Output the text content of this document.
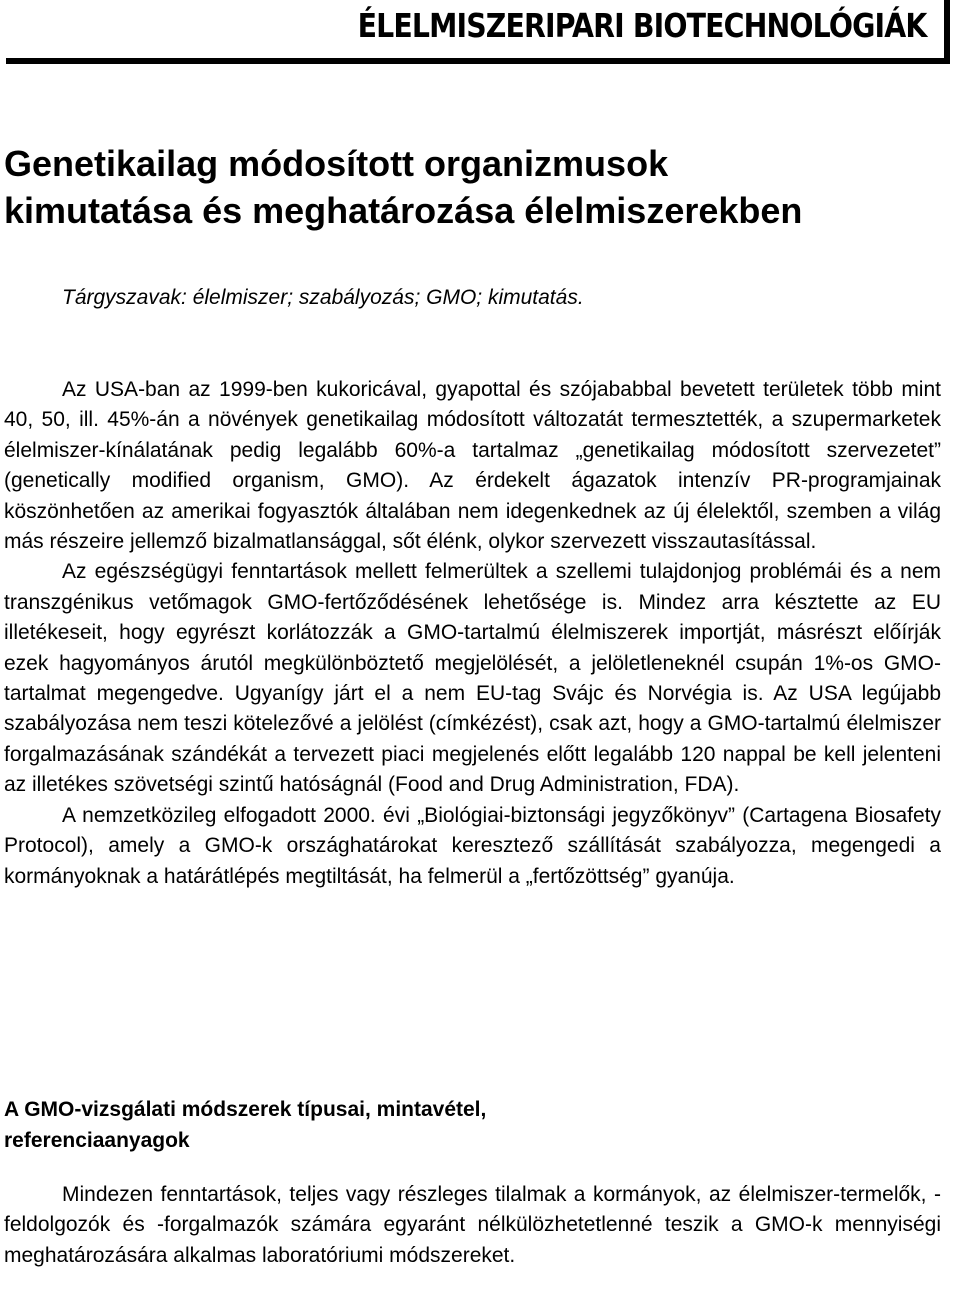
ÉLELMISZERIPARI BIOTECHNOLÓGIÁK
Genetikailag módosított organizmusok
kimutatása és meghatározása élelmiszerekben

Tárgyszavak: élelmiszer; szabályozás; GMO; kimutatás.

Az USA-ban az 1999-ben kukoricával, gyapottal és szójababbal bevetett területek több mint 40, 50, ill. 45%-án a növények genetikailag módosított változatát termesztették, a szupermarketek élelmiszer-kínálatának pedig legalább 60%-a tartalmaz „genetikailag módosított szervezetet” (genetically modified organism, GMO). Az érdekelt ágazatok intenzív PR-programjainak köszönhetően az amerikai fogyasztók általában nem idegenkednek az új élelektől, szemben a világ más részeire jellemző bizalmatlansággal, sőt élénk, olykor szervezett visszautasítással.

Az egészségügyi fenntartások mellett felmerültek a szellemi tulajdonjog problémái és a nem transzgénikus vetőmagok GMO-fertőződésének lehetősége is. Mindez arra késztette az EU illetékeseit, hogy egyrészt korlátozzák a GMO-tartalmú élelmiszerek importját, másrészt előírják ezek hagyományos árutól megkülönböztető megjelölését, a jelöletleneknél csupán 1%-os GMO-tartalmat megengedve. Ugyanígy járt el a nem EU-tag Svájc és Norvégia is. Az USA legújabb szabályozása nem teszi kötelezővé a jelölést (címkézést), csak azt, hogy a GMO-tartalmú élelmiszer forgalmazásának szándékát a tervezett piaci megjelenés előtt legalább 120 nappal be kell jelenteni az illetékes szövetségi szintű hatóságnál (Food and Drug Administration, FDA).

A nemzetközileg elfogadott 2000. évi „Biológiai-biztonsági jegyzőkönyv” (Cartagena Biosafety Protocol), amely a GMO-k országhatárokat keresztező szállítását szabályozza, megengedi a kormányoknak a határátlépés megtiltását, ha felmerül a „fertőzöttség” gyanúja.

A GMO-vizsgálati módszerek típusai, mintavétel,
referenciaanyagok

Mindezen fenntartások, teljes vagy részleges tilalmak a kormányok, az élelmiszer-termelők, -feldolgozók és -forgalmazók számára egyaránt nélkülözhetetlenné teszik a GMO-k mennyiségi meghatározására alkalmas laboratóriumi módszereket.
